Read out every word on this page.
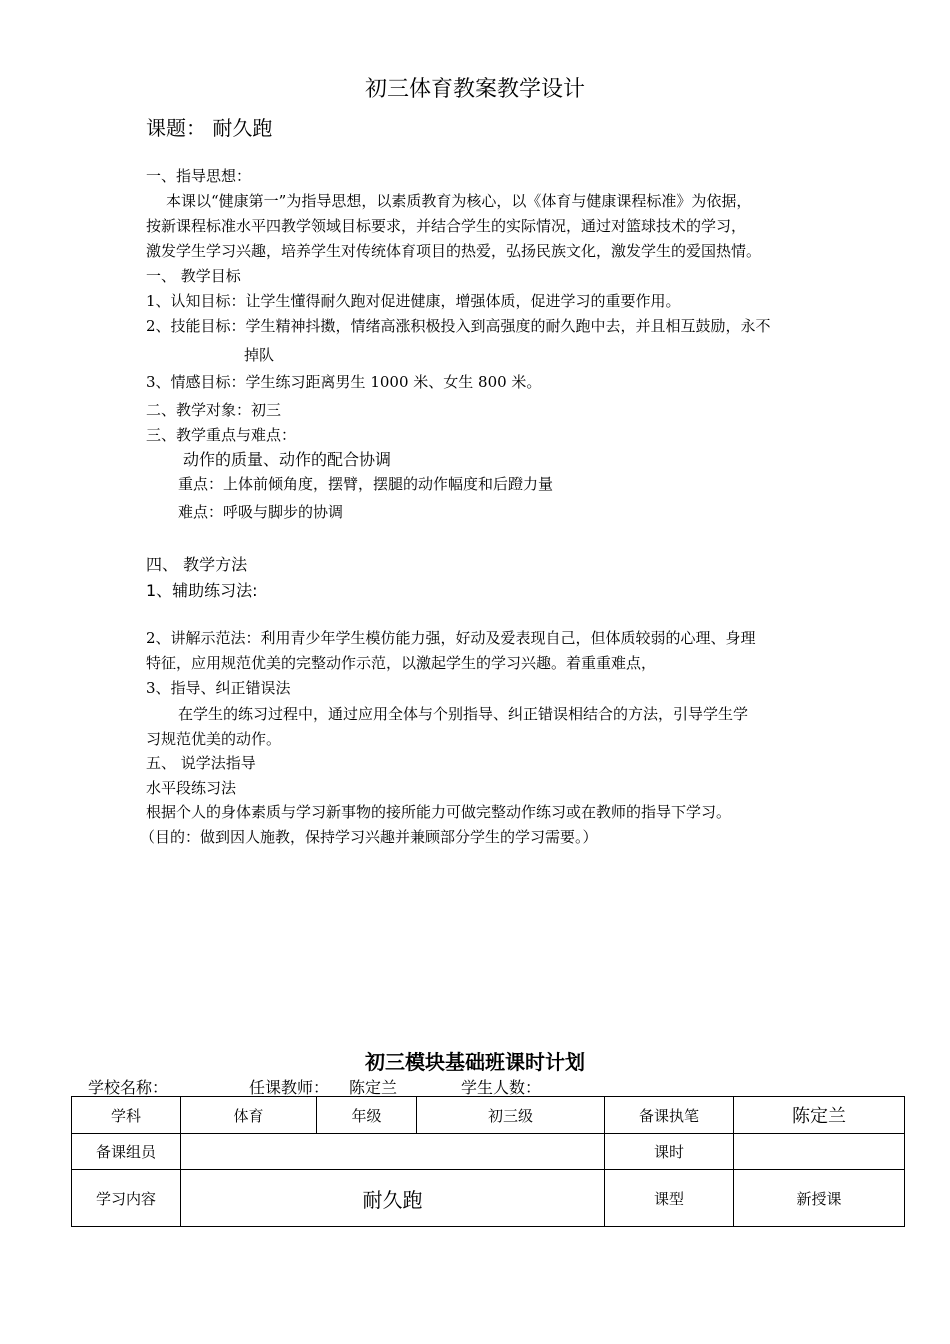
初三体育教案教学设计
课题： 耐久跑
一、指导思想：
本课以“健康第一”为指导思想，以素质教育为核心，以《体育与健康课程标准》为依据，
按新课程标准水平四教学领域目标要求，并结合学生的实际情况，通过对篮球技术的学习，
激发学生学习兴趣，培养学生对传统体育项目的热爱，弘扬民族文化，激发学生的爱国热情。
一、 教学目标
1、认知目标：让学生懂得耐久跑对促进健康，增强体质，促进学习的重要作用。
2、技能目标：学生精神抖擞，情绪高涨积极投入到高强度的耐久跑中去，并且相互鼓励，永不
掉队
3、情感目标：学生练习距离男生 1000 米、女生 800 米。
二、教学对象：初三
三、教学重点与难点：
动作的质量、动作的配合协调
重点：上体前倾角度，摆臂，摆腿的动作幅度和后蹬力量
难点：呼吸与脚步的协调
四、 教学方法
1、辅助练习法:
2、讲解示范法：利用青少年学生模仿能力强，好动及爱表现自己，但体质较弱的心理、身理
特征，应用规范优美的完整动作示范，以激起学生的学习兴趣。着重重难点，
3、指导、纠正错误法
在学生的练习过程中，通过应用全体与个别指导、纠正错误相结合的方法，引导学生学
习规范优美的动作。
五、 说学法指导
水平段练习法
根据个人的身体素质与学习新事物的接所能力可做完整动作练习或在教师的指导下学习。
（目的：做到因人施教，保持学习兴趣并兼顾部分学生的学习需要。）
初三模块基础班课时计划
学校名称：	任课教师： 陈定兰	学生人数：
学科	体育	年级	初三级	备课执笔	陈定兰
备课组员				课时	
学习内容	耐久跑			课型	新授课
